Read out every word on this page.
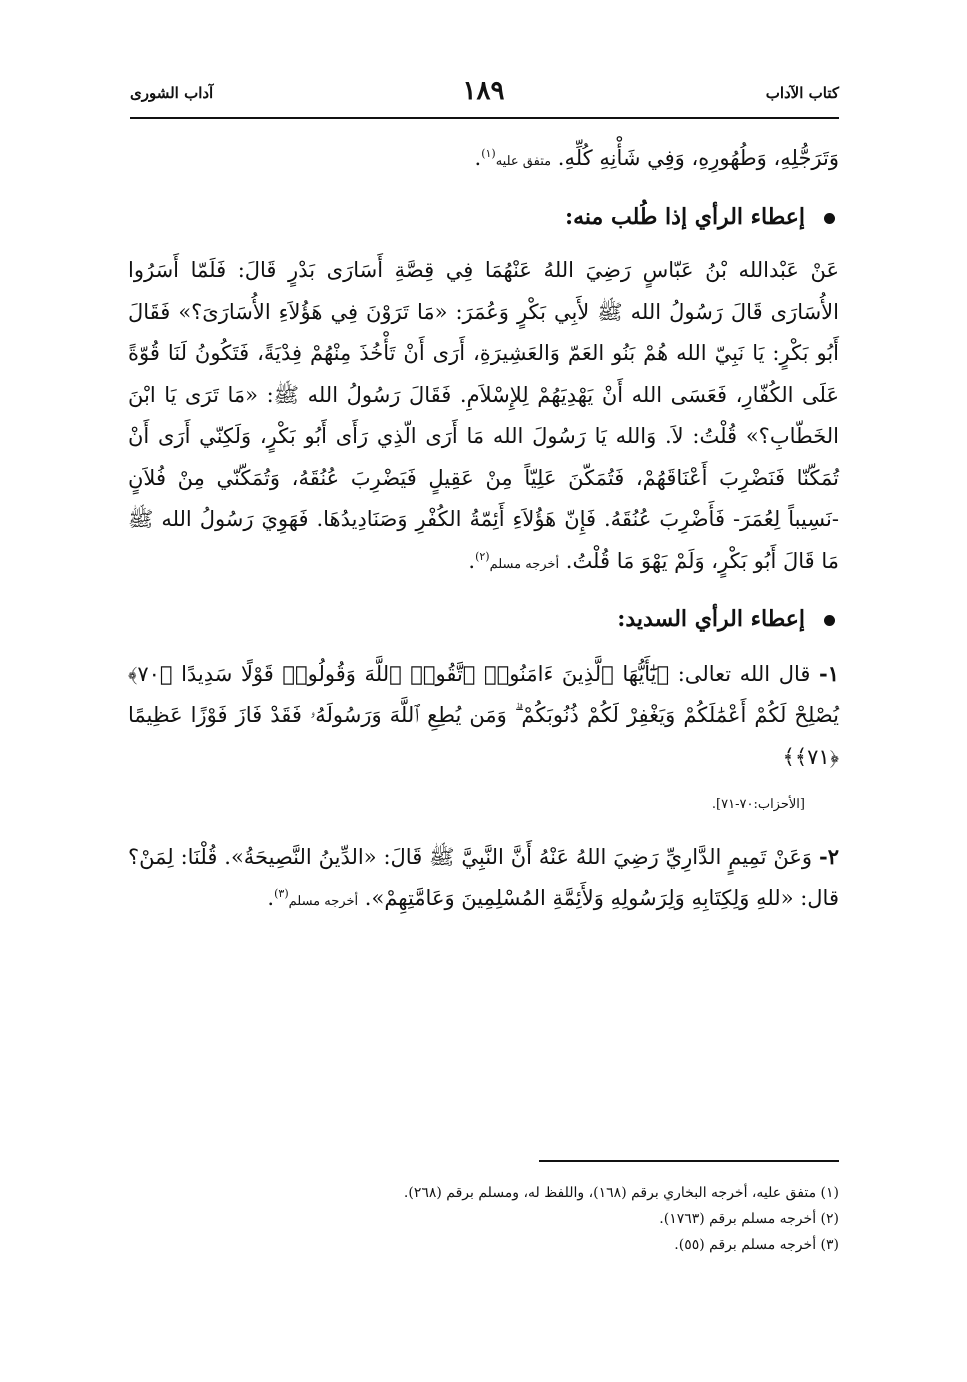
كتاب الآداب
١٨٩
آداب الشورى

وَتَرَجُّلِهِ، وَطُهُورِهِ، وَفِي شَأْنِهِ كُلِّهِ. متفق عليه$^{(١)}$.

إعطاء الرأي إذا طُلب منه:

عَنْ عَبْدالله بْنُ عَبّاسٍ رَضِيَ اللهُ عَنْهُمَا فِي قِصَّةِ أَسَارَى بَدْرٍ قَالَ: فَلَمّا أَسَرُوا الأُسَارَى قَالَ رَسُولُ الله ﷺ لأَبِي بَكْرٍ وَعُمَرَ: «مَا تَرَوْنَ فِي هَؤُلاَءِ الأُسَارَىَ؟» فَقَالَ أَبُو بَكْرٍ: يَا نَبِيّ الله هُمْ بَنُو العَمّ وَالعَشِيرَةِ، أَرَى أَنْ تَأْخُذَ مِنْهُمْ فِدْيَةً، فَتَكُونُ لَنَا قُوّةً عَلَى الكُفّارِ، فَعَسَى الله أَنْ يَهْدِيَهُمْ لِلإِسْلاَمِ. فَقَالَ رَسُولُ الله ﷺ: «مَا تَرَى يَا ابْنَ الخَطّابِ؟» قُلْتُ: لاَ. وَالله يَا رَسُولَ الله مَا أَرَى الّذِي رَأَى أَبُو بَكْرٍ، وَلَكِنّي أَرَى أَنْ تُمَكّنّا فَنَضْرِبَ أَعْنَاقَهُمْ، فَتُمَكّنَ عَلِيّاً مِنْ عَقِيلٍ فَيَضْرِبَ عُنُقَهُ، وَتُمَكّنّي مِنْ فُلاَنٍ -نَسِيباً لِعُمَرَ- فَأَضْرِبَ عُنُقَهُ. فَإِنّ هَؤُلاَءِ أَئِمّةُ الكُفْرِ وَصَنَادِيدُهَا. فَهَوِيَ رَسُولُ الله ﷺ مَا قَالَ أَبُو بَكْرٍ، وَلَمْ يَهْوَ مَا قُلْتُ. أخرجه مسلم$^{(٢)}$.

إعطاء الرأي السديد:

١- قال الله تعالى: ﴿يَٰٓأَيُّهَا ٱلَّذِينَ ءَامَنُوا۟ ٱتَّقُوا۟ ٱللَّهَ وَقُولُوا۟ قَوْلًا سَدِيدًا ﴿٧٠﴾ يُصْلِحْ لَكُمْ أَعْمَٰلَكُمْ وَيَغْفِرْ لَكُمْ ذُنُوبَكُمْ ۗ وَمَن يُطِعِ ٱللَّهَ وَرَسُولَهُۥ فَقَدْ فَازَ فَوْزًا عَظِيمًا ﴿٧١﴾﴾

[الأحزاب:٧٠-٧١].

٢- وَعَنْ تَمِيمٍ الدَّارِيِّ رَضِيَ اللهُ عَنْهُ أَنَّ النَّبِيَّ ﷺ قَالَ: «الدِّينُ النَّصِيحَةُ». قُلْنَا: لِمَنْ؟ قال: «للهِ وَلِكِتَابِهِ وَلِرَسُولِهِ وَلأَئِمَّةِ المُسْلِمِينَ وَعَامَّتِهِمْ». أخرجه مسلم$^{(٣)}$.

(١) متفق عليه، أخرجه البخاري برقم (١٦٨)، واللفظ له، ومسلم برقم (٢٦٨).
(٢) أخرجه مسلم برقم (١٧٦٣).
(٣) أخرجه مسلم برقم (٥٥).
